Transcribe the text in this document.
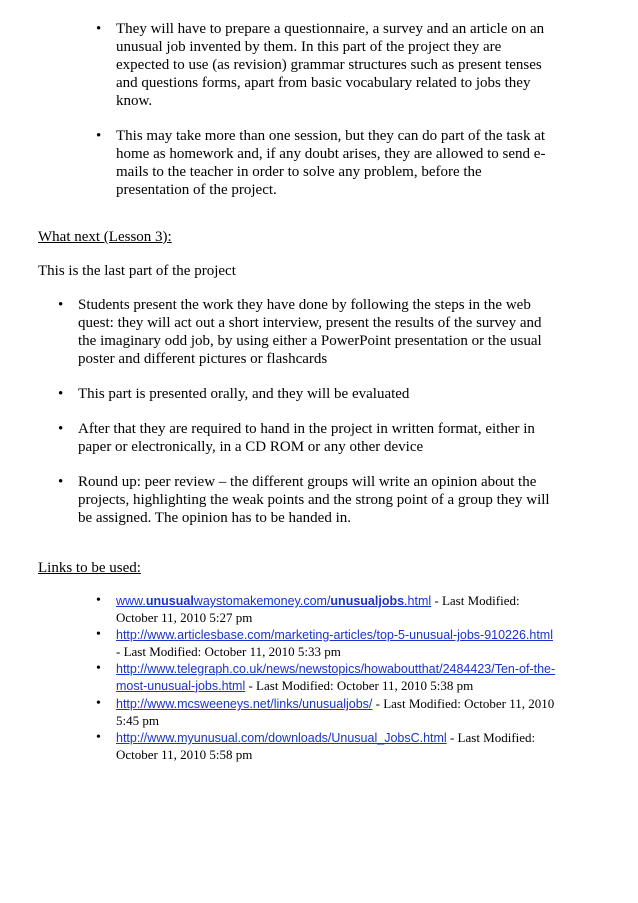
• They will have to prepare a questionnaire, a survey and an article on an unusual job invented by them. In this part of the project they are expected to use (as revision) grammar structures such as present tenses and questions forms, apart from basic vocabulary related to jobs they know.
• This may take more than one session, but they can do part of the task at home as homework and, if any doubt arises, they are allowed to send e-mails to the teacher in order to solve any problem, before the presentation of the project.

What next (Lesson 3):

This is the last part of the project

• Students present the work they have done by following the steps in the web quest: they will act out a short interview, present the results of the survey and the imaginary odd job, by using either a PowerPoint presentation or the usual poster and different pictures or flashcards
• This part is presented orally, and they will be evaluated
• After that they are required to hand in the project in written format, either in paper or electronically, in a CD ROM or any other device
• Round up: peer review – the different groups will write an opinion about the projects, highlighting the weak points and the strong point of a group they will be assigned. The opinion has to be handed in.

Links to be used:

• www.unusualwaystomakemoney.com/unusualjobs.html - Last Modified: October 11, 2010 5:27 pm
• http://www.articlesbase.com/marketing-articles/top-5-unusual-jobs-910226.html - Last Modified: October 11, 2010 5:33 pm
• http://www.telegraph.co.uk/news/newstopics/howaboutthat/2484423/Ten-of-the-most-unusual-jobs.html - Last Modified: October 11, 2010 5:38 pm
• http://www.mcsweeneys.net/links/unusualjobs/ - Last Modified: October 11, 2010 5:45 pm
• http://www.myunusual.com/downloads/Unusual_JobsC.html - Last Modified: October 11, 2010 5:58 pm
